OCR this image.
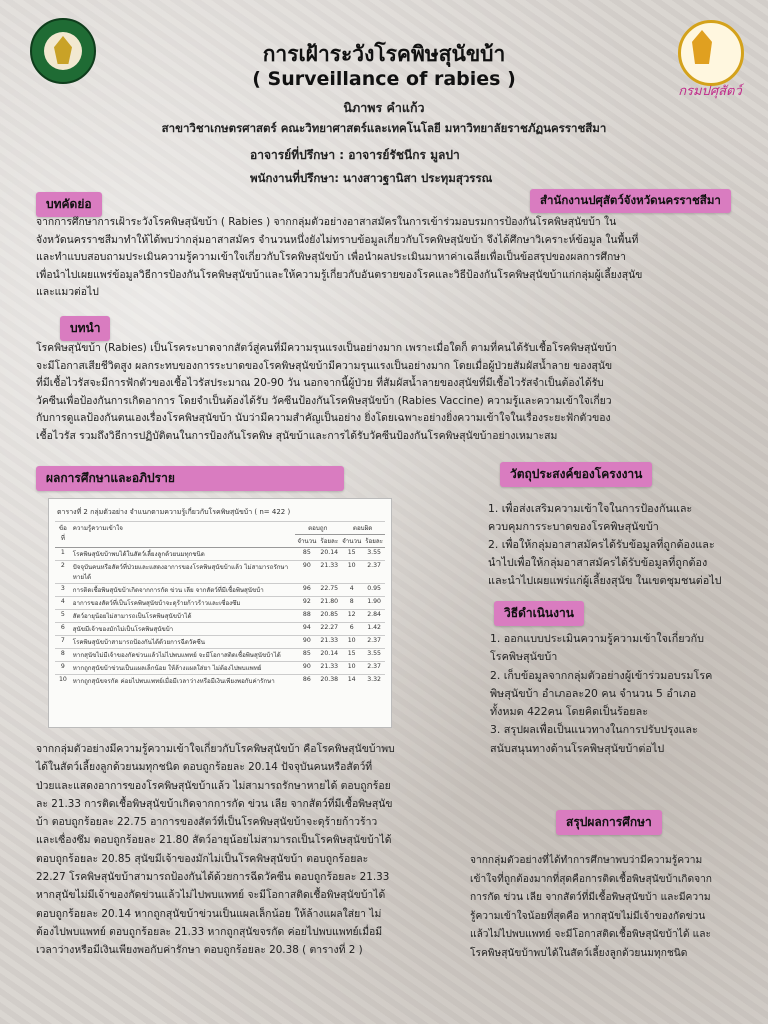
กรมปศุสัตว์
การเฝ้าระวังโรคพิษสุนัขบ้า
( Surveillance of rabies )
นิภาพร คำแก้ว
สาขาวิชาเกษตรศาสตร์ คณะวิทยาศาสตร์และเทคโนโลยี มหาวิทยาลัยราชภัฏนครราชสีมา
อาจารย์ที่ปรึกษา : อาจารย์รัชนีกร มูลปา
พนักงานที่ปรึกษา: นางสาวฐานิสา ประทุมสุวรรณ
บทคัดย่อ	สำนักงานปศุสัตว์จังหวัดนครราชสีมา
จากการศึกษาการเฝ้าระวังโรคพิษสุนัขบ้า ( Rabies ) จากกลุ่มตัวอย่างอาสาสมัครในการเข้าร่วมอบรมการป้องกันโรคพิษสุนัขบ้า ใน
จังหวัดนครราชสีมาทำให้ได้พบว่ากลุ่มอาสาสมัคร จำนวนหนึ่งยังไม่ทราบข้อมูลเกี่ยวกับโรคพิษสุนัขบ้า จึงได้ศึกษาวิเคราะห์ข้อมูล ในพื้นที่
และทำแบบสอบถามประเมินความรู้ความเข้าใจเกี่ยวกับโรคพิษสุนัขบ้า เพื่อนำผลประเมินมาหาค่าเฉลี่ยเพื่อเป็นข้อสรุปของผลการศึกษา
เพื่อนำไปเผยแพร่ข้อมูลวิธีการป้องกันโรคพิษสุนัขบ้าและให้ความรู้เกี่ยวกับอันตรายของโรคและวิธีป้องกันโรคพิษสุนัขบ้าแก่กลุ่มผู้เลี้ยงสุนัข
และแมวต่อไป
บทนำ
โรคพิษสุนัขบ้า (Rabies) เป็นโรคระบาดจากสัตว์สู่คนที่มีความรุนแรงเป็นอย่างมาก เพราะเมื่อใดก็ ตามที่คนได้รับเชื้อโรคพิษสุนัขบ้า
จะมีโอกาสเสียชีวิตสูง ผลกระทบของการระบาดของโรคพิษสุนัขบ้ามีความรุนแรงเป็นอย่างมาก โดยเมื่อผู้ป่วยสัมผัสน้ำลาย ของสุนัข
ที่มีเชื้อไวรัสจะมีการฟักตัวของเชื้อไวรัสประมาณ 20-90 วัน นอกจากนี้ผู้ป่วย ที่สัมผัสน้ำลายของสุนัขที่มีเชื้อไวรัสจำเป็นต้องได้รับ
วัคซีนเพื่อป้องกันการเกิดอาการ โดยจำเป็นต้องได้รับ วัคซีนป้องกันโรคพิษสุนัขบ้า (Rabies Vaccine) ความรู้และความเข้าใจเกี่ยว
กับการดูแลป้องกันตนเองเรื่องโรคพิษสุนัขบ้า นับว่ามีความสำคัญเป็นอย่าง ยิ่งโดยเฉพาะอย่างยิ่งความเข้าใจในเรื่องระยะฟักตัวของ
เชื้อไวรัส รวมถึงวิธีการปฏิบัติตนในการป้องกันโรคพิษ สุนัขบ้าและการได้รับวัคซีนป้องกันโรคพิษสุนัขบ้าอย่างเหมาะสม
ผลการศึกษาและอภิปราย
ตารางที่ 2 กลุ่มตัวอย่าง จำแนกตามความรู้เกี่ยวกับโรคพิษสุนัขบ้า ( n= 422 )
ข้อที่	ความรู้ความเข้าใจ	ตอบถูก		ตอบผิด	
		จำนวน	ร้อยละ	จำนวน	ร้อยละ
1	โรคพิษสุนัขบ้าพบได้ในสัตว์เลี้ยงลูกด้วยนมทุกชนิด	85	20.14	15	3.55
2	ปัจจุบันคนหรือสัตว์ที่ป่วยและแสดงอาการของโรคพิษสุนัขบ้าแล้ว ไม่สามารถรักษาหายได้	90	21.33	10	2.37
3	การติดเชื้อพิษสุนัขบ้าเกิดจากการกัด ข่วน เลีย จากสัตว์ที่มีเชื้อพิษสุนัขบ้า	96	22.75	4	0.95
4	อาการของสัตว์ที่เป็นโรคพิษสุนัขบ้าจะดุร้ายก้าวร้าวและเซื่องซึม	92	21.80	8	1.90
5	สัตว์อายุน้อยไม่สามารถเป็นโรคพิษสุนัขบ้าได้	88	20.85	12	2.84
6	สุนัขมีเจ้าของมักไม่เป็นโรคพิษสุนัขบ้า	94	22.27	6	1.42
7	โรคพิษสุนัขบ้าสามารถป้องกันได้ด้วยการฉีดวัคซีน	90	21.33	10	2.37
8	หากสุนัขไม่มีเจ้าของกัดข่วนแล้วไม่ไปพบแพทย์ จะมีโอกาสติดเชื้อพิษสุนัขบ้าได้	85	20.14	15	3.55
9	หากถูกสุนัขบ้าข่วนเป็นแผลเล็กน้อย ให้ล้างแผลใส่ยา ไม่ต้องไปพบแพทย์	90	21.33	10	2.37
10	หากถูกสุนัขจรกัด ค่อยไปพบแพทย์เมื่อมีเวลาว่างหรือมีเงินเพียงพอกับค่ารักษา	86	20.38	14	3.32
จากกลุ่มตัวอย่างมีความรู้ความเข้าใจเกี่ยวกับโรคพิษสุนัขบ้า คือโรคพิษสุนัขบ้าพบ
ได้ในสัตว์เลี้ยงลูกด้วยนมทุกชนิด ตอบถูกร้อยละ 20.14 ปัจจุบันคนหรือสัตว์ที่
ป่วยและแสดงอาการของโรคพิษสุนัขบ้าแล้ว ไม่สามารถรักษาหายได้ ตอบถูกร้อย
ละ 21.33 การติดเชื้อพิษสุนัขบ้าเกิดจากการกัด ข่วน เลีย จากสัตว์ที่มีเชื้อพิษสุนัข
บ้า ตอบถูกร้อยละ 22.75 อาการของสัตว์ที่เป็นโรคพิษสุนัขบ้าจะดุร้ายก้าวร้าว
และเซื่องซึม ตอบถูกร้อยละ 21.80 สัตว์อายุน้อยไม่สามารถเป็นโรคพิษสุนัขบ้าได้
ตอบถูกร้อยละ 20.85 สุนัขมีเจ้าของมักไม่เป็นโรคพิษสุนัขบ้า ตอบถูกร้อยละ
22.27 โรคพิษสุนัขบ้าสามารถป้องกันได้ด้วยการฉีดวัคซีน ตอบถูกร้อยละ 21.33
หากสุนัขไม่มีเจ้าของกัดข่วนแล้วไม่ไปพบแพทย์ จะมีโอกาสติดเชื้อพิษสุนัขบ้าได้
ตอบถูกร้อยละ 20.14 หากถูกสุนัขบ้าข่วนเป็นแผลเล็กน้อย ให้ล้างแผลใส่ยา ไม่
ต้องไปพบแพทย์ ตอบถูกร้อยละ 21.33 หากถูกสุนัขจรกัด ค่อยไปพบแพทย์เมื่อมี
เวลาว่างหรือมีเงินเพียงพอกับค่ารักษา ตอบถูกร้อยละ 20.38 ( ตารางที่ 2 )
วัตถุประสงค์ของโครงงาน
1. เพื่อส่งเสริมความเข้าใจในการป้องกันและ
ควบคุมการระบาดของโรคพิษสุนัขบ้า
2. เพื่อให้กลุ่มอาสาสมัครได้รับข้อมูลที่ถูกต้องและ
นำไปเพื่อให้กลุ่มอาสาสมัครได้รับข้อมูลที่ถูกต้อง
และนำไปเผยแพร่แก่ผู้เลี้ยงสุนัข ในเขตชุมชนต่อไป
วิธีดำเนินงาน
1. ออกแบบประเมินความรู้ความเข้าใจเกี่ยวกับ
โรคพิษสุนัขบ้า
2. เก็บข้อมูลจากกลุ่มตัวอย่างผู้เข้าร่วมอบรมโรค
พิษสุนัขบ้า อำเภอละ20 คน จำนวน 5 อำเภอ
ทั้งหมด 422คน โดยคิดเป็นร้อยละ
3. สรุปผลเพื่อเป็นแนวทางในการปรับปรุงและ
สนับสนุนทางด้านโรคพิษสุนัขบ้าต่อไป
สรุปผลการศึกษา
จากกลุ่มตัวอย่างที่ได้ทำการศึกษาพบว่ามีความรู้ความ
เข้าใจที่ถูกต้องมากที่สุดคือการติดเชื้อพิษสุนัขบ้าเกิดจาก
การกัด ข่วน เลีย จากสัตว์ที่มีเชื้อพิษสุนัขบ้า และมีความ
รู้ความเข้าใจน้อยที่สุดคือ หากสุนัขไม่มีเจ้าของกัดข่วน
แล้วไม่ไปพบแพทย์ จะมีโอกาสติดเชื้อพิษสุนัขบ้าได้ และ
โรคพิษสุนัขบ้าพบได้ในสัตว์เลี้ยงลูกด้วยนมทุกชนิด
